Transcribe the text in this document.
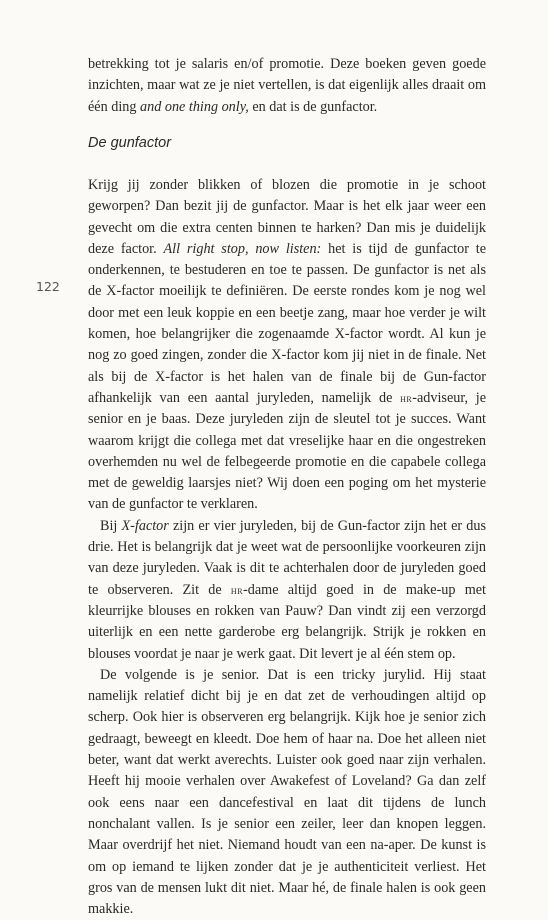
122

betrekking tot je salaris en/of promotie. Deze boeken geven goede inzichten, maar wat ze je niet vertellen, is dat eigenlijk alles draait om één ding and one thing only, en dat is de gunfactor.

De gunfactor

Krijg jij zonder blikken of blozen die promotie in je schoot geworpen? Dan bezit jij de gunfactor. Maar is het elk jaar weer een gevecht om die extra centen binnen te harken? Dan mis je duidelijk deze factor. All right stop, now listen: het is tijd de gunfactor te onderkennen, te bestuderen en toe te passen. De gunfactor is net als de X-factor moeilijk te definiëren. De eerste rondes kom je nog wel door met een leuk koppie en een beetje zang, maar hoe verder je wilt komen, hoe belangrijker die zogenaamde X-factor wordt. Al kun je nog zo goed zingen, zonder die X-factor kom jij niet in de finale. Net als bij de X-factor is het halen van de finale bij de Gun-factor afhankelijk van een aantal juryleden, namelijk de hr-adviseur, je senior en je baas. Deze juryleden zijn de sleutel tot je succes. Want waarom krijgt die collega met dat vreselijke haar en die ongestreken overhemden nu wel de felbegeerde promotie en die capabele collega met de geweldig laarsjes niet? Wij doen een poging om het mysterie van de gunfactor te verklaren.

Bij X-factor zijn er vier juryleden, bij de Gun-factor zijn het er dus drie. Het is belangrijk dat je weet wat de persoonlijke voorkeuren zijn van deze juryleden. Vaak is dit te achterhalen door de juryleden goed te observeren. Zit de hr-dame altijd goed in de make-up met kleurrijke blouses en rokken van Pauw? Dan vindt zij een verzorgd uiterlijk en een nette garderobe erg belangrijk. Strijk je rokken en blouses voordat je naar je werk gaat. Dit levert je al één stem op.

De volgende is je senior. Dat is een tricky jurylid. Hij staat namelijk relatief dicht bij je en dat zet de verhoudingen altijd op scherp. Ook hier is observeren erg belangrijk. Kijk hoe je senior zich gedraagt, beweegt en kleedt. Doe hem of haar na. Doe het alleen niet beter, want dat werkt averechts. Luister ook goed naar zijn verhalen. Heeft hij mooie verhalen over Awakefest of Loveland? Ga dan zelf ook eens naar een dancefestival en laat dit tijdens de lunch nonchalant vallen. Is je senior een zeiler, leer dan knopen leggen. Maar overdrijf het niet. Niemand houdt van een na-aper. De kunst is om op iemand te lijken zonder dat je je authenticiteit verliest. Het gros van de mensen lukt dit niet. Maar hé, de finale halen is ook geen makkie.
